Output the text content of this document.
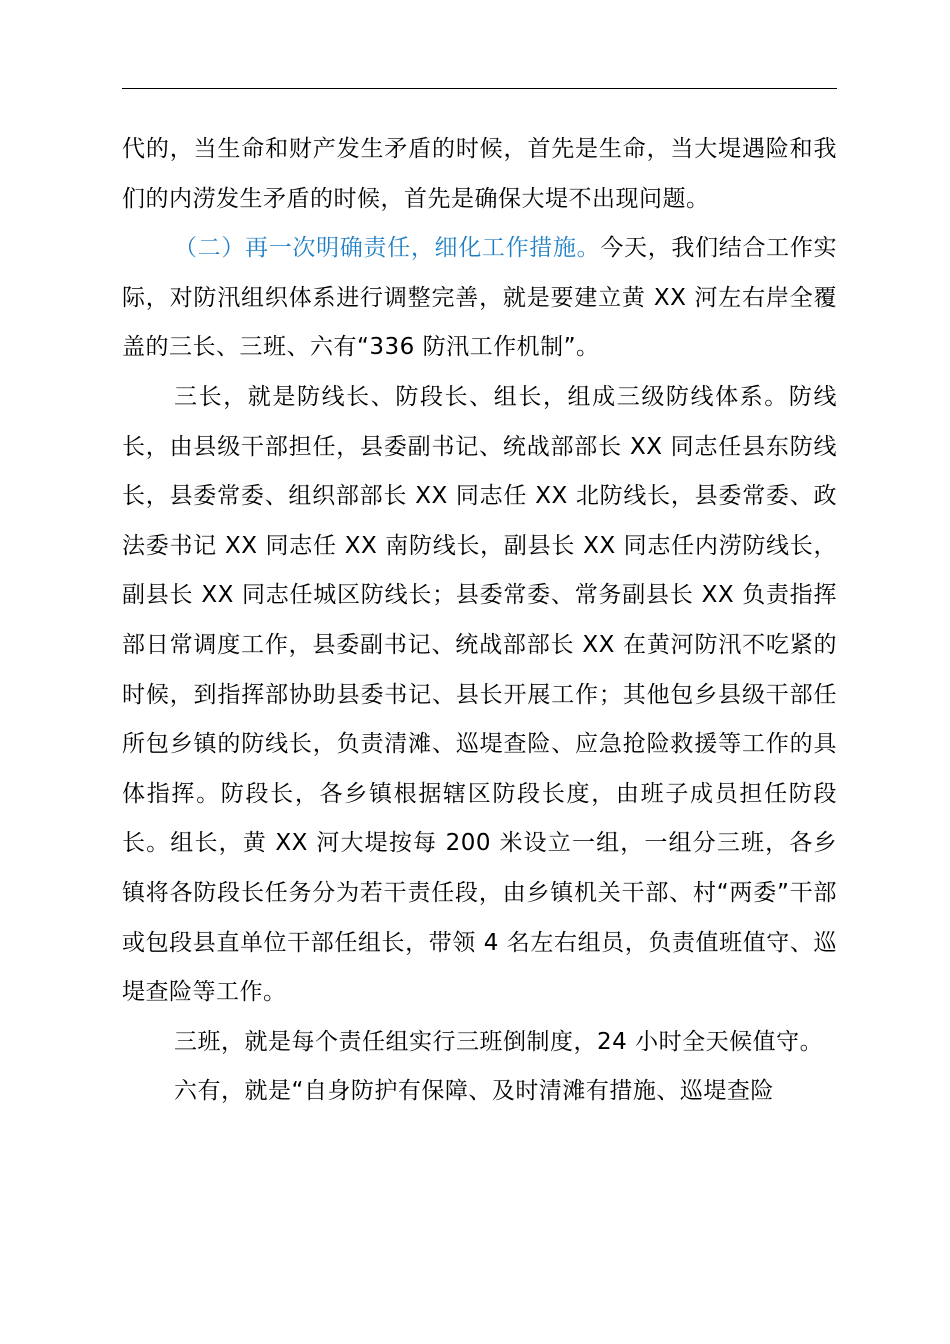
代的，当生命和财产发生矛盾的时候，首先是生命，当大堤遇险和我们的内涝发生矛盾的时候，首先是确保大堤不出现问题。

（二）再一次明确责任，细化工作措施。今天，我们结合工作实际，对防汛组织体系进行调整完善，就是要建立黄 XX 河左右岸全覆盖的三长、三班、六有“336 防汛工作机制”。

三长，就是防线长、防段长、组长，组成三级防线体系。防线长，由县级干部担任，县委副书记、统战部部长 XX 同志任县东防线长，县委常委、组织部部长 XX 同志任 XX 北防线长，县委常委、政法委书记 XX 同志任 XX 南防线长，副县长 XX 同志任内涝防线长，副县长 XX 同志任城区防线长；县委常委、常务副县长 XX 负责指挥部日常调度工作，县委副书记、统战部部长 XX 在黄河防汛不吃紧的时候，到指挥部协助县委书记、县长开展工作；其他包乡县级干部任所包乡镇的防线长，负责清滩、巡堤查险、应急抢险救援等工作的具体指挥。防段长，各乡镇根据辖区防段长度，由班子成员担任防段长。组长，黄 XX 河大堤按每 200 米设立一组，一组分三班，各乡镇将各防段长任务分为若干责任段，由乡镇机关干部、村“两委”干部或包段县直单位干部任组长，带领 4 名左右组员，负责值班值守、巡堤查险等工作。

三班，就是每个责任组实行三班倒制度，24 小时全天候值守。

六有，就是“自身防护有保障、及时清滩有措施、巡堤查险
